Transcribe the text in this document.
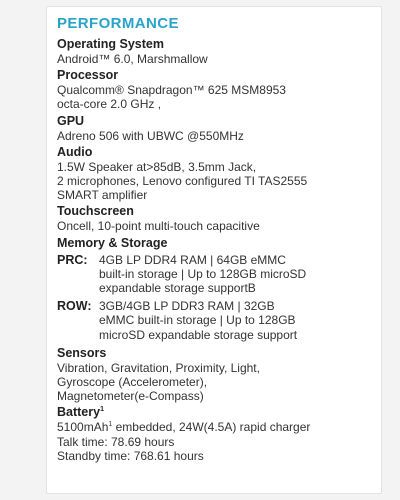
PERFORMANCE
Operating System
Android™ 6.0, Marshmallow
Processor
Qualcomm® Snapdragon™ 625 MSM8953
octa-core 2.0 GHz ,
GPU
Adreno 506 with UBWC @550MHz
Audio
1.5W Speaker at>85dB, 3.5mm Jack,
2 microphones, Lenovo configured TI TAS2555
SMART amplifier
Touchscreen
Oncell, 10-point multi-touch capacitive
Memory & Storage
PRC: 4GB LP DDR4 RAM | 64GB eMMC
built-in storage | Up to 128GB microSD
expandable storage supportB
ROW: 3GB/4GB LP DDR3 RAM | 32GB
eMMC built-in storage | Up to 128GB
microSD expandable storage support
Sensors
Vibration, Gravitation, Proximity, Light,
Gyroscope (Accelerometer),
Magnetometer(e-Compass)
Battery$^1$
5100mAh$^1$ embedded, 24W(4.5A) rapid charger
Talk time: 78.69 hours
Standby time: 768.61 hours
